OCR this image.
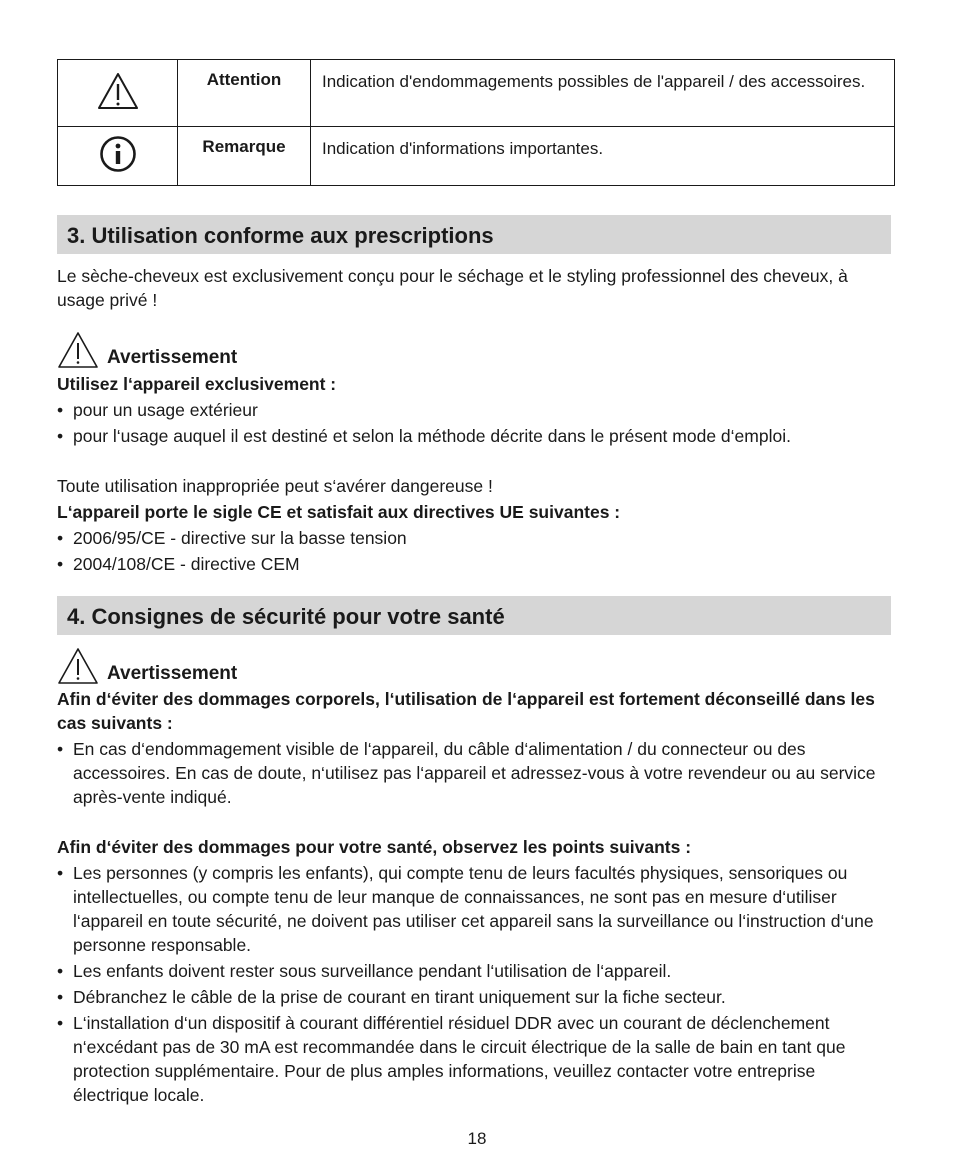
	Attention	Indication d'endommagements possibles de l'appareil / des accessoires.
	Remarque	Indication d'informations importantes.
3. Utilisation conforme aux prescriptions

Le sèche-cheveux est exclusivement conçu pour le séchage et le styling professionnel des cheveux, à usage privé !

Avertissement

Utilisez l‘appareil exclusivement :

• pour un usage extérieur
• pour l‘usage auquel il est destiné et selon la méthode décrite dans le présent mode d‘emploi.

Toute utilisation inappropriée peut s‘avérer dangereuse !

L‘appareil porte le sigle CE et satisfait aux directives UE suivantes :

• 2006/95/CE - directive sur la basse tension
• 2004/108/CE - directive CEM
4. Consignes de sécurité pour votre santé
Avertissement

Afin d‘éviter des dommages corporels, l‘utilisation de l‘appareil est fortement déconseillé dans les cas suivants :

• En cas d‘endommagement visible de l‘appareil, du câble d‘alimentation / du connecteur ou des accessoires. En cas de doute, n‘utilisez pas l‘appareil et adressez-vous à votre revendeur ou au service après-vente indiqué.

Afin d‘éviter des dommages pour votre santé, observez les points suivants :

• Les personnes (y compris les enfants), qui compte tenu de leurs facultés physiques, sensoriques ou intellectuelles, ou compte tenu de leur manque de connaissances, ne sont pas en mesure d‘utiliser l‘appareil en toute sécurité, ne doivent pas utiliser cet appareil sans la surveillance ou l‘instruction d‘une personne responsable.
• Les enfants doivent rester sous surveillance pendant l‘utilisation de l‘appareil.
• Débranchez le câble de la prise de courant en tirant uniquement sur la fiche secteur.
• L‘installation d‘un dispositif à courant différentiel résiduel DDR avec un courant de déclenchement n‘excédant pas de 30 mA est recommandée dans le circuit électrique de la salle de bain en tant que protection supplémentaire. Pour de plus amples informations, veuillez contacter votre entreprise électrique locale.
18
